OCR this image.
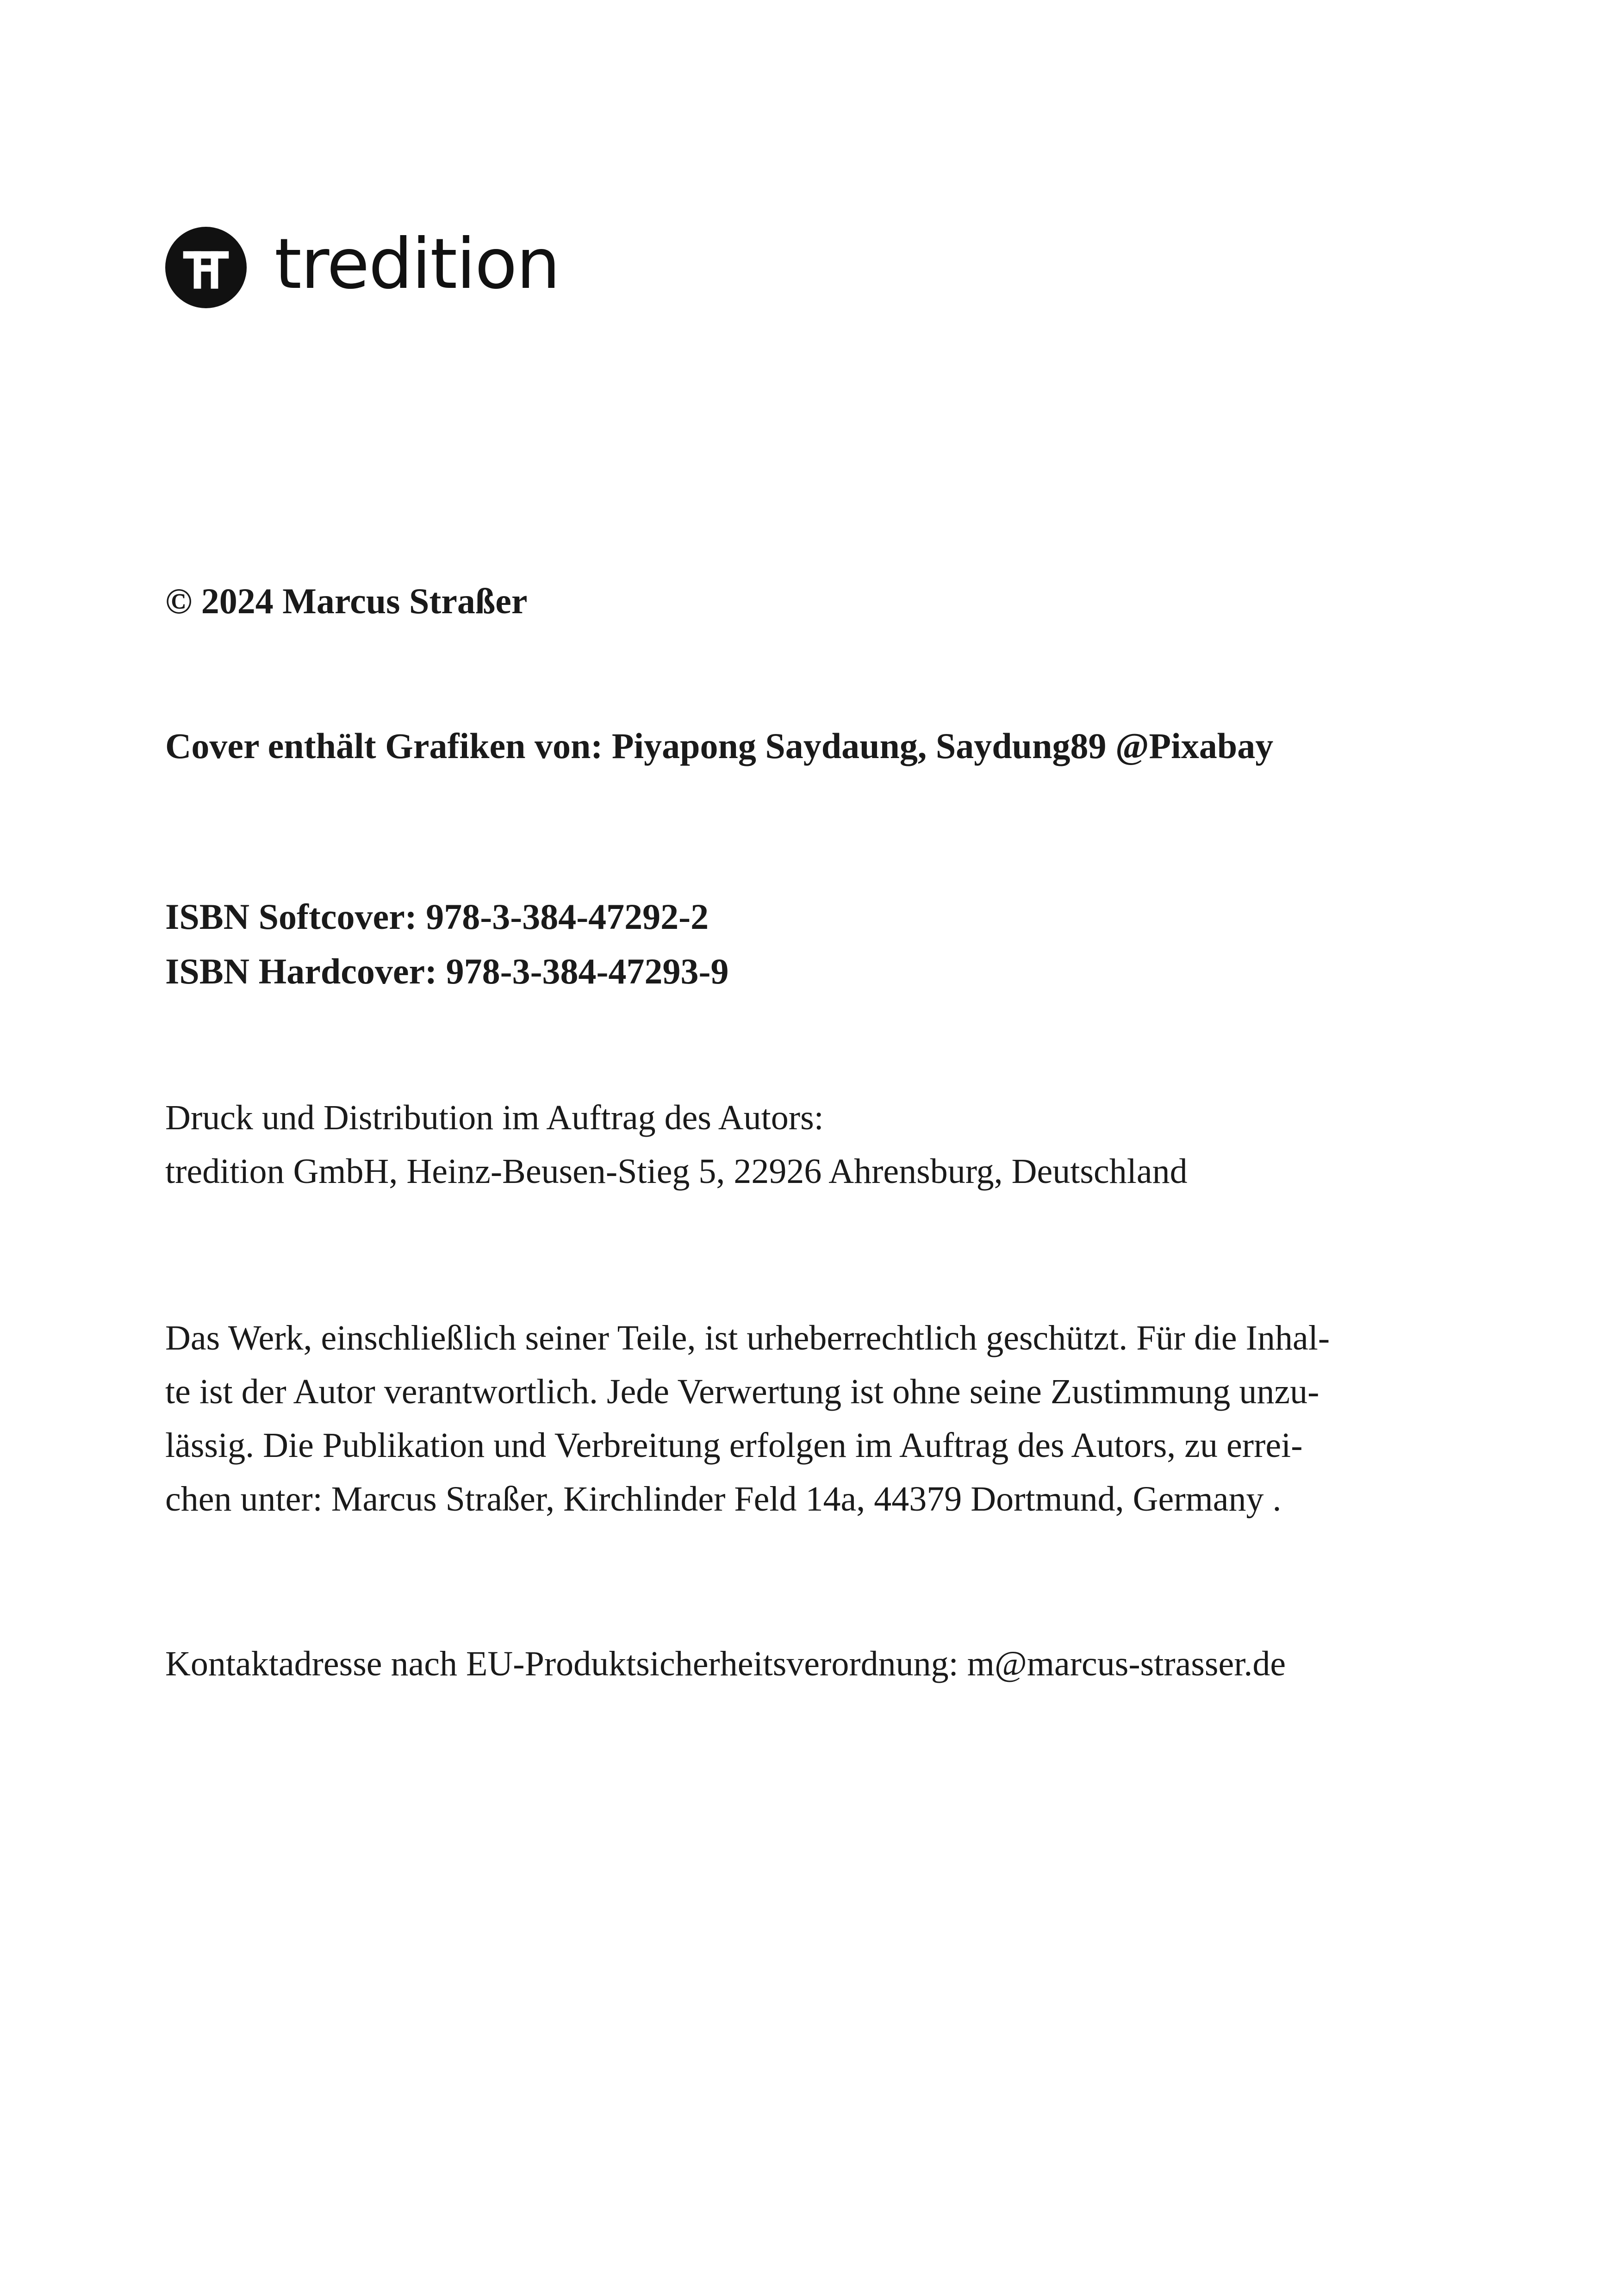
tredition
© 2024 Marcus Straßer
Cover enthält Grafiken von: Piyapong Saydaung, Saydung89 @Pixabay
ISBN Softcover: 978-3-384-47292-2
ISBN Hardcover: 978-3-384-47293-9
Druck und Distribution im Auftrag des Autors:
tredition GmbH, Heinz-Beusen-Stieg 5, 22926 Ahrensburg, Deutschland
Das Werk, einschließlich seiner Teile, ist urheberrechtlich geschützt. Für die Inhal-
te ist der Autor verantwortlich. Jede Verwertung ist ohne seine Zustimmung unzu-
lässig. Die Publikation und Verbreitung erfolgen im Auftrag des Autors, zu errei-
chen unter: Marcus Straßer, Kirchlinder Feld 14a, 44379 Dortmund, Germany .
Kontaktadresse nach EU-Produktsicherheitsverordnung: m@marcus-strasser.de
